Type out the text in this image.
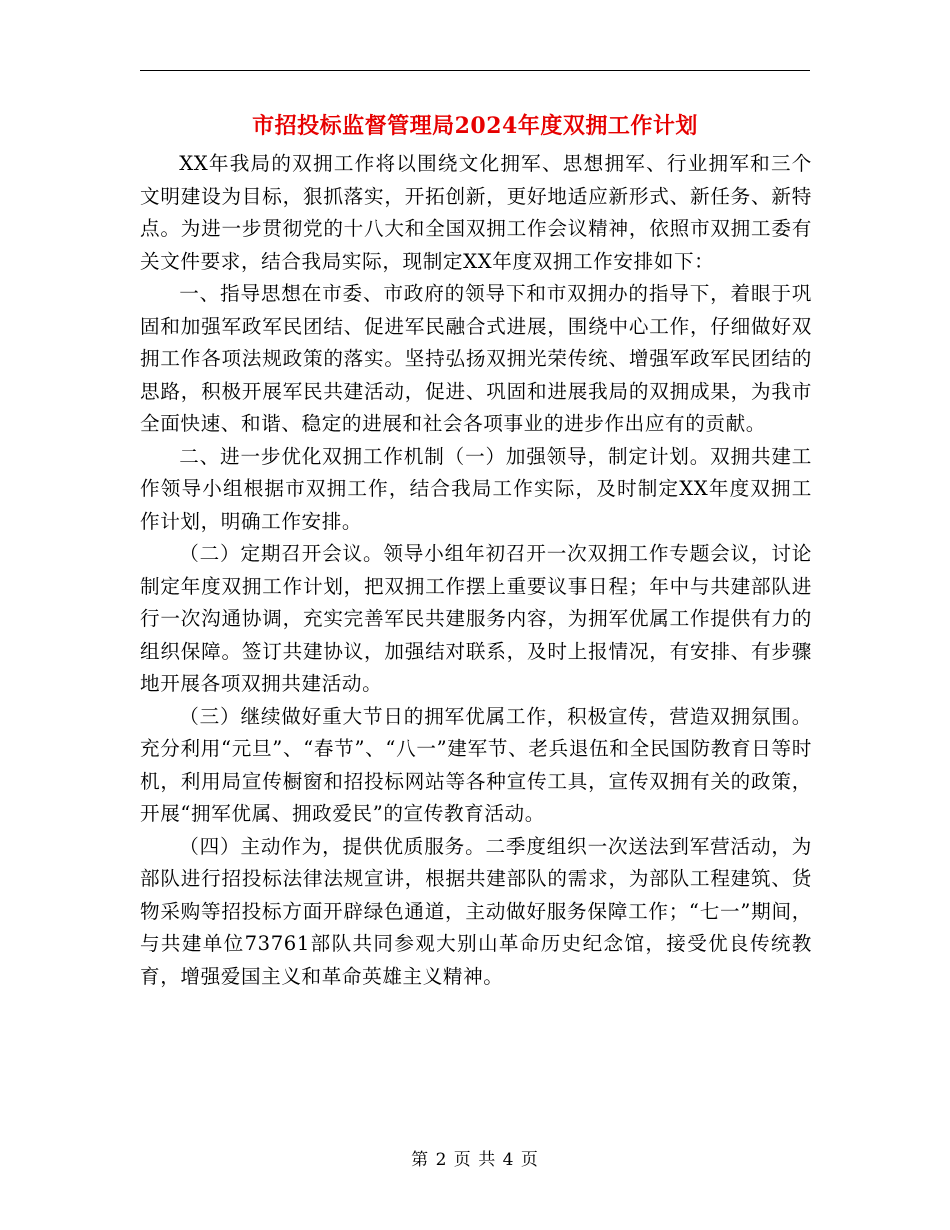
市招投标监督管理局2024年度双拥工作计划

XX年我局的双拥工作将以围绕文化拥军、思想拥军、行业拥军和三个文明建设为目标，狠抓落实，开拓创新，更好地适应新形式、新任务、新特点。为进一步贯彻党的十八大和全国双拥工作会议精神，依照市双拥工委有关文件要求，结合我局实际，现制定XX年度双拥工作安排如下：

一、指导思想在市委、市政府的领导下和市双拥办的指导下，着眼于巩固和加强军政军民团结、促进军民融合式进展，围绕中心工作，仔细做好双拥工作各项法规政策的落实。坚持弘扬双拥光荣传统、增强军政军民团结的思路，积极开展军民共建活动，促进、巩固和进展我局的双拥成果，为我市全面快速、和谐、稳定的进展和社会各项事业的进步作出应有的贡献。

二、进一步优化双拥工作机制（一）加强领导，制定计划。双拥共建工作领导小组根据市双拥工作，结合我局工作实际，及时制定XX年度双拥工作计划，明确工作安排。

（二）定期召开会议。领导小组年初召开一次双拥工作专题会议，讨论制定年度双拥工作计划，把双拥工作摆上重要议事日程；年中与共建部队进行一次沟通协调，充实完善军民共建服务内容，为拥军优属工作提供有力的组织保障。签订共建协议，加强结对联系，及时上报情况，有安排、有步骤地开展各项双拥共建活动。

（三）继续做好重大节日的拥军优属工作，积极宣传，营造双拥氛围。充分利用“元旦”、“春节”、“八一”建军节、老兵退伍和全民国防教育日等时机，利用局宣传橱窗和招投标网站等各种宣传工具，宣传双拥有关的政策，开展“拥军优属、拥政爱民”的宣传教育活动。

（四）主动作为，提供优质服务。二季度组织一次送法到军营活动，为部队进行招投标法律法规宣讲，根据共建部队的需求，为部队工程建筑、货物采购等招投标方面开辟绿色通道，主动做好服务保障工作；“七一”期间，与共建单位73761部队共同参观大别山革命历史纪念馆，接受优良传统教育，增强爱国主义和革命英雄主义精神。

第 2 页 共 4 页
